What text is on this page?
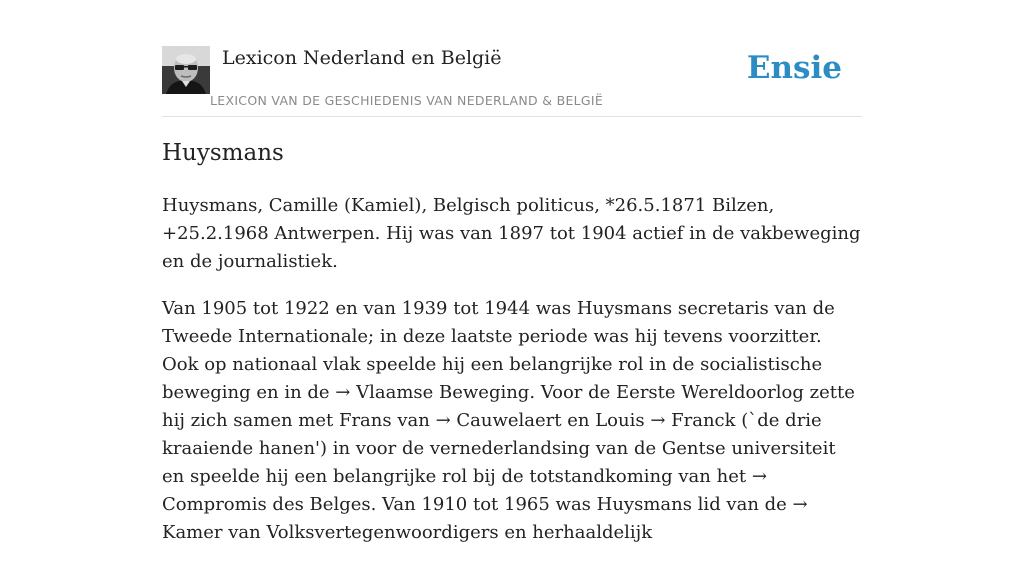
Lexicon Nederland en België
LEXICON VAN DE GESCHIEDENIS VAN NEDERLAND & BELGIË
Ensie
Huysmans

Huysmans, Camille (Kamiel), Belgisch politicus, *26.5.1871 Bilzen, +25.2.1968 Antwerpen. Hij was van 1897 tot 1904 actief in de vakbeweging en de journalistiek.

Van 1905 tot 1922 en van 1939 tot 1944 was Huysmans secretaris van de Tweede Internationale; in deze laatste periode was hij tevens voorzitter. Ook op nationaal vlak speelde hij een belangrijke rol in de socialistische beweging en in de → Vlaamse Beweging. Voor de Eerste Wereldoorlog zette hij zich samen met Frans van → Cauwelaert en Louis → Franck (`de drie kraaiende hanen') in voor de vernederlandsing van de Gentse universiteit en speelde hij een belangrijke rol bij de totstandkoming van het → Compromis des Belges. Van 1910 tot 1965 was Huysmans lid van de → Kamer van Volksvertegenwoordigers en herhaaldelijk
